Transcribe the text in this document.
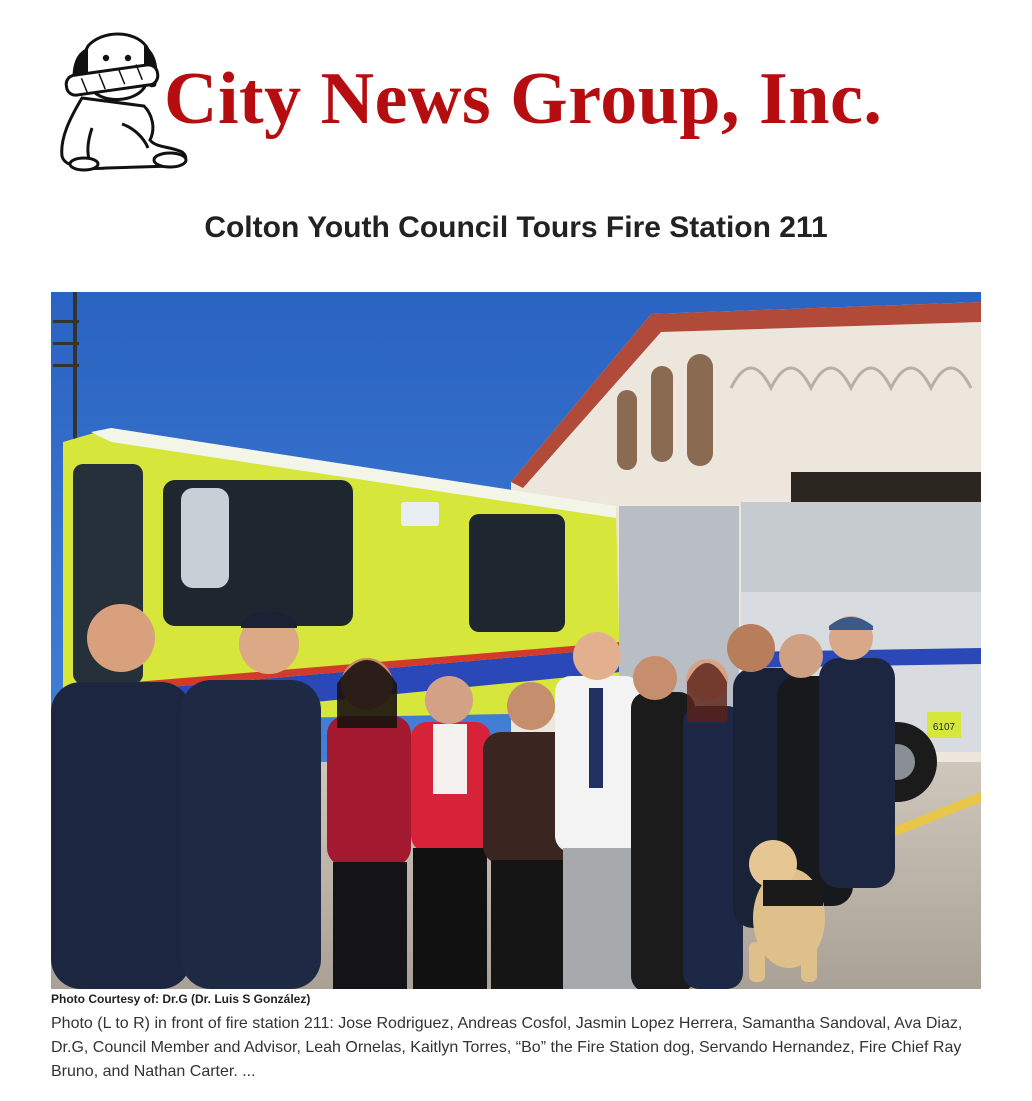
City News Group, Inc.
Colton Youth Council Tours Fire Station 211
6107
Photo Courtesy of: Dr.G (Dr. Luis S González)

Photo (L to R) in front of fire station 211: Jose Rodriguez, Andreas Cosfol, Jasmin Lopez Herrera, Samantha Sandoval, Ava Diaz, Dr.G, Council Member and Advisor, Leah Ornelas, Kaitlyn Torres, “Bo” the Fire Station dog, Servando Hernandez, Fire Chief Ray Bruno, and Nathan Carter. ...
